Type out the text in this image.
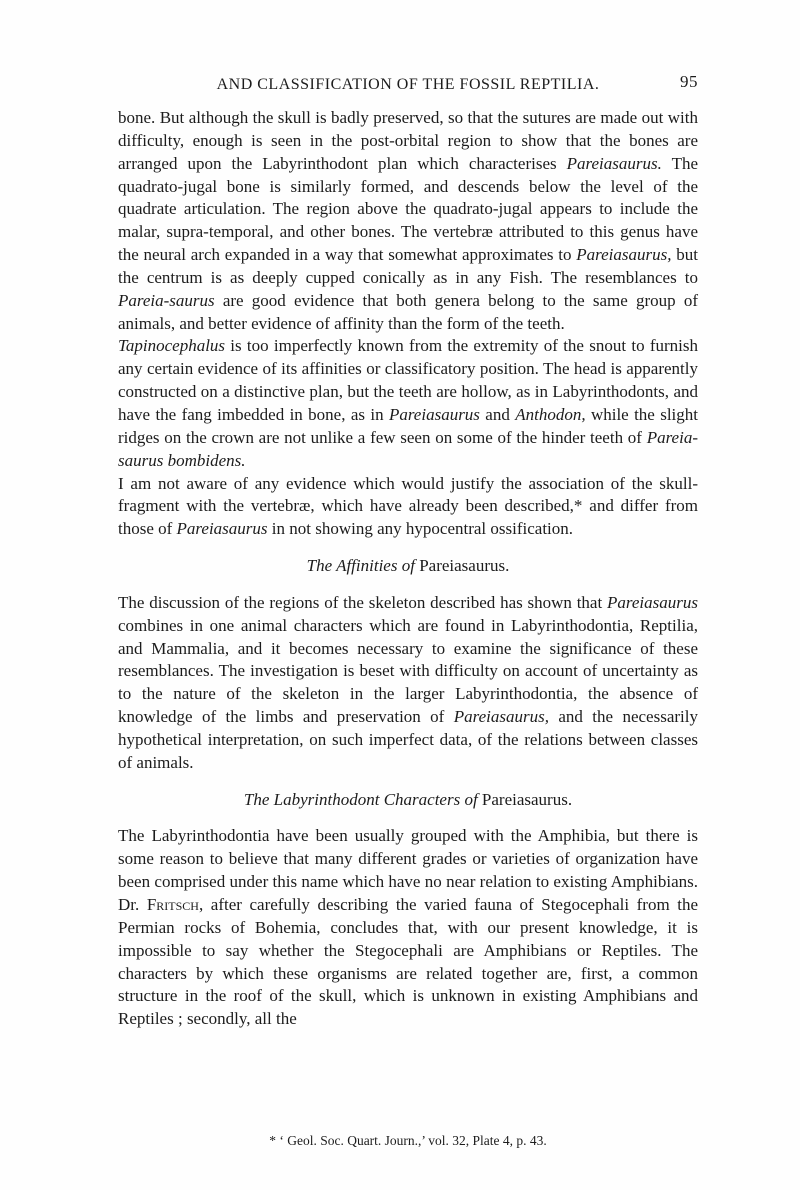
AND CLASSIFICATION OF THE FOSSIL REPTILIA.	95

bone. But although the skull is badly preserved, so that the sutures are made out with difficulty, enough is seen in the post-orbital region to show that the bones are arranged upon the Labyrinthodont plan which characterises Pareiasaurus. The quadrato-jugal bone is similarly formed, and descends below the level of the quadrate articulation. The region above the quadrato-jugal appears to include the malar, supra-temporal, and other bones. The vertebræ attributed to this genus have the neural arch expanded in a way that somewhat approximates to Pareiasaurus, but the centrum is as deeply cupped conically as in any Fish. The resemblances to Pareia-saurus are good evidence that both genera belong to the same group of animals, and better evidence of affinity than the form of the teeth.

Tapinocephalus is too imperfectly known from the extremity of the snout to furnish any certain evidence of its affinities or classificatory position. The head is apparently constructed on a distinctive plan, but the teeth are hollow, as in Labyrinthodonts, and have the fang imbedded in bone, as in Pareiasaurus and Anthodon, while the slight ridges on the crown are not unlike a few seen on some of the hinder teeth of Pareia-saurus bombidens.

I am not aware of any evidence which would justify the association of the skull-fragment with the vertebræ, which have already been described,* and differ from those of Pareiasaurus in not showing any hypocentral ossification.

The Affinities of Pareiasaurus.

The discussion of the regions of the skeleton described has shown that Pareiasaurus combines in one animal characters which are found in Labyrinthodontia, Reptilia, and Mammalia, and it becomes necessary to examine the significance of these resemblances. The investigation is beset with difficulty on account of uncertainty as to the nature of the skeleton in the larger Labyrinthodontia, the absence of knowledge of the limbs and preservation of Pareiasaurus, and the necessarily hypothetical interpretation, on such imperfect data, of the relations between classes of animals.

The Labyrinthodont Characters of Pareiasaurus.

The Labyrinthodontia have been usually grouped with the Amphibia, but there is some reason to believe that many different grades or varieties of organization have been comprised under this name which have no near relation to existing Amphibians. Dr. Fritsch, after carefully describing the varied fauna of Stegocephali from the Permian rocks of Bohemia, concludes that, with our present knowledge, it is impossible to say whether the Stegocephali are Amphibians or Reptiles. The characters by which these organisms are related together are, first, a common structure in the roof of the skull, which is unknown in existing Amphibians and Reptiles ; secondly, all the

* ‘ Geol. Soc. Quart. Journ.,’ vol. 32, Plate 4, p. 43.
